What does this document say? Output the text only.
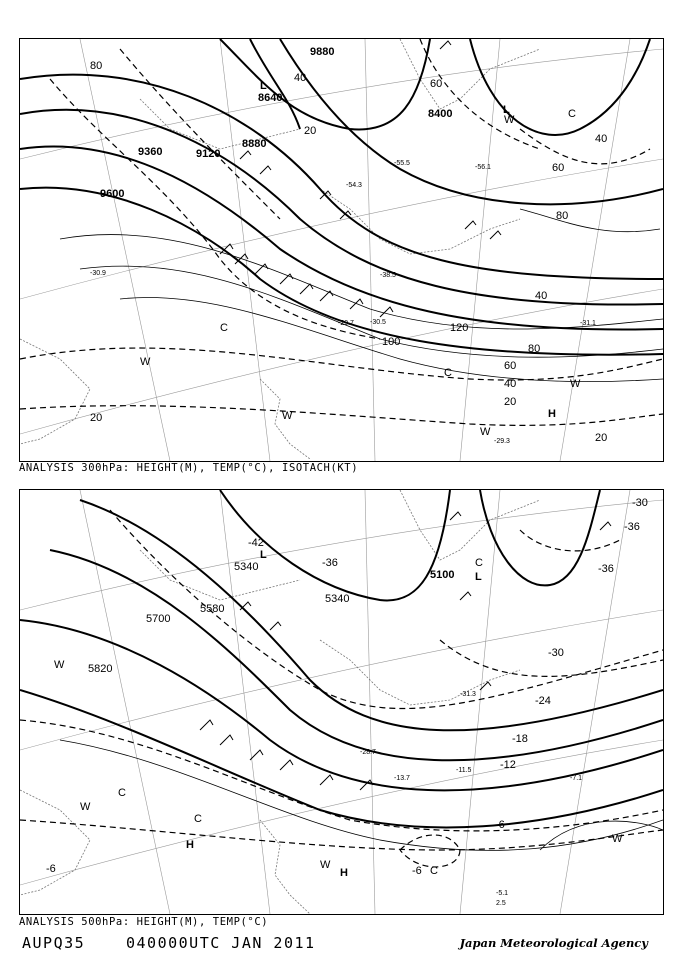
9880
8640
8400
9360	9120
8880
9600
80
40	60
20
120
100
80
60
40
20
20
40
60
80
40
20
-30.9
-29.7 -30.5	-31.1
-29.3
-38.5
-54.3
-55.5
-56.1
L
L
C
C
C
W
W
W
W
W
H
ANALYSIS 300hPa: HEIGHT(M), TEMP(°C), ISOTACH(KT)
5100
5340
5340
5580
5820
5700
-42
-36	-36
-30
-30
-24
-18
-12
-6
-6	-6
-36
-5.1
2.5
-13.7
-11.5
-7.1
-28.7
-31.3
L
L
C
C
C
C
W
W
W
W
H
H
ANALYSIS 500hPa: HEIGHT(M), TEMP(°C)
AUPQ35	040000UTC JAN 2011	Japan Meteorological Agency
